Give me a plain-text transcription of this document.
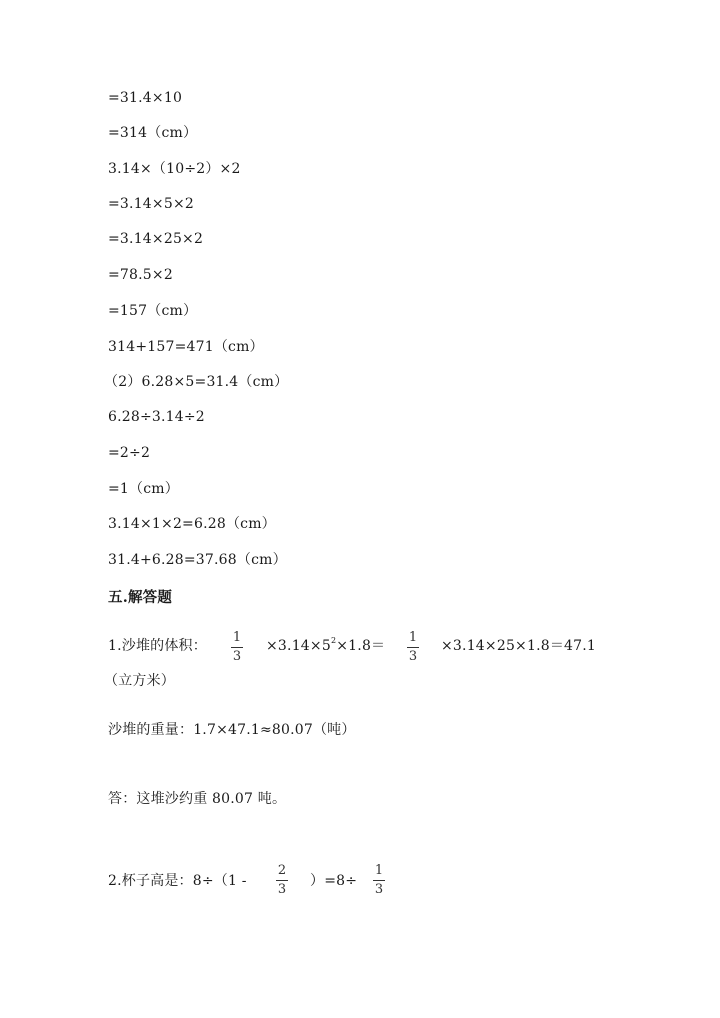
=31.4×10
=314（cm）
3.14×（10÷2）×2
=3.14×5×2
=3.14×25×2
=78.5×2
=157（cm）
314+157=471（cm）
（2）6.28×5=31.4（cm）
6.28÷3.14÷2
=2÷2
=1（cm）
3.14×1×2=6.28（cm）
31.4+6.28=37.68（cm）
五.解答题
1.沙堆的体积：
1
3
$\times 3.14\times 5^2\times 1.8=$
1
3
×3.14×25×1.8＝47.1
（立方米）
沙堆的重量：1.7×47.1≈80.07（吨）
答：这堆沙约重 80.07 吨。
2.杯子高是：8÷（1 -
2
3
）=8÷
1
3
